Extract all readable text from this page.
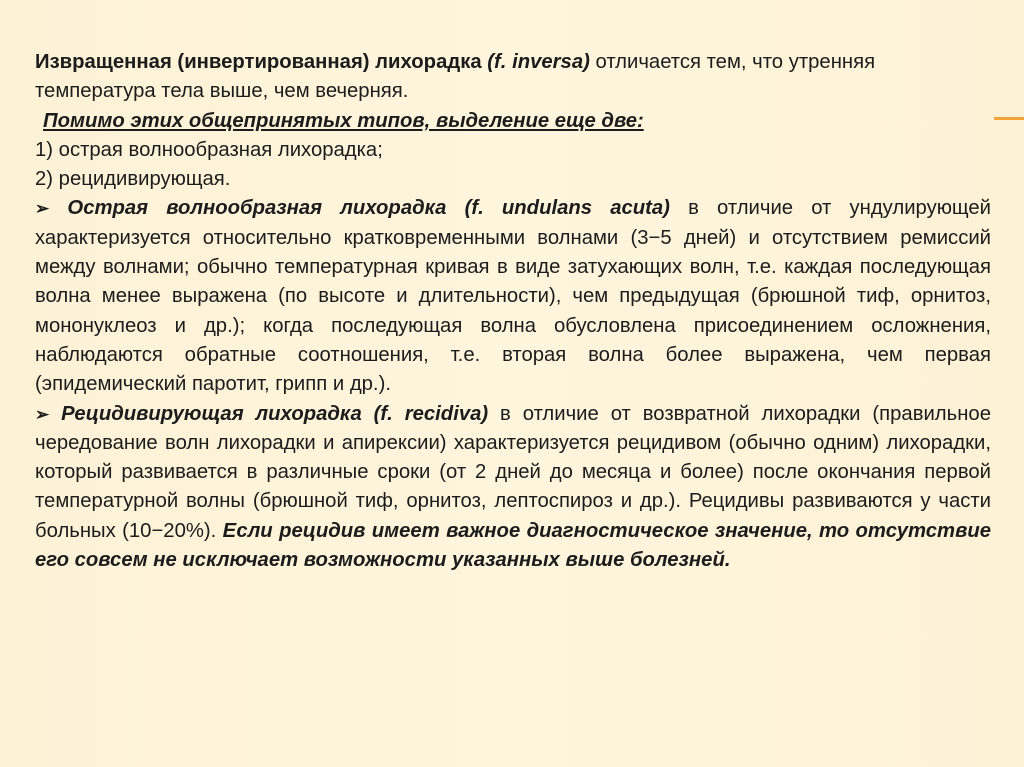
Извращенная (инвертированная) лихорадка (f. inversa) отличается тем, что утренняя температура тела выше, чем вечерняя.

Помимо этих общепринятых типов, выделение еще две:

1) острая волнообразная лихорадка;

2) рецидивирующая.

➢ Острая волнообразная лихорадка (f. undulans acuta) в отличие от ундулирующей характеризуется относительно кратковременными волнами (3−5 дней) и отсутствием ремиссий между волнами; обычно температурная кривая в виде затухающих волн, т.е. каждая последующая волна менее выражена (по высоте и длительности), чем предыдущая (брюшной тиф, орнитоз, мононуклеоз и др.); когда последующая волна обусловлена присоединением осложнения, наблюдаются обратные соотношения, т.е. вторая волна более выражена, чем первая (эпидемический паротит, грипп и др.).

➢ Рецидивирующая лихорадка (f. recidiva) в отличие от возвратной лихорадки (правильное чередование волн лихорадки и апирексии) характеризуется рецидивом (обычно одним) лихорадки, который развивается в различные сроки (от 2 дней до месяца и более) после окончания первой температурной волны (брюшной тиф, орнитоз, лептоспироз и др.). Рецидивы развиваются у части больных (10−20%). Если рецидив имеет важное диагностическое значение, то отсутствие его совсем не исключает возможности указанных выше болезней.
